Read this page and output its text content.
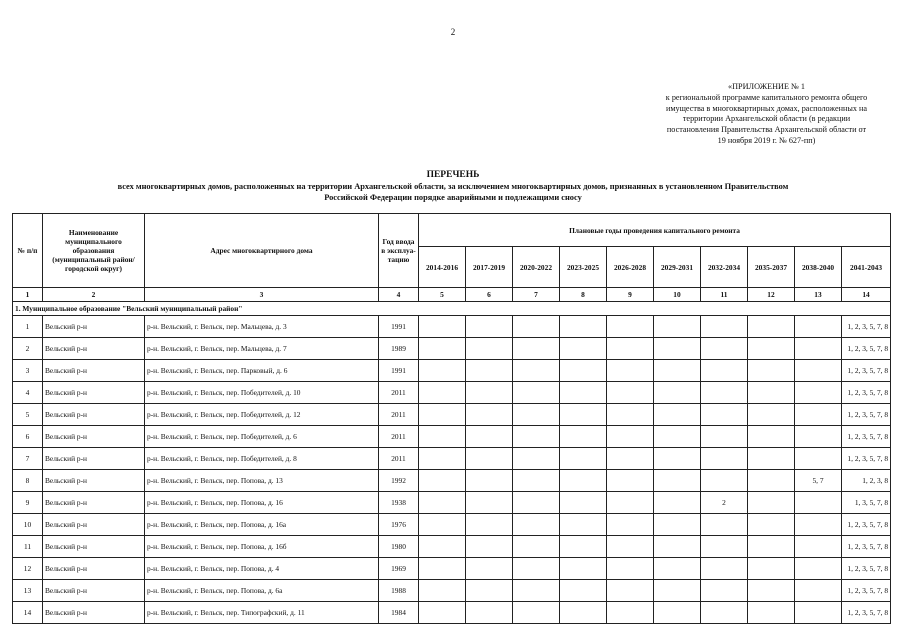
2
«ПРИЛОЖЕНИЕ № 1
к региональной программе капитального ремонта общего
имущества в многоквартирных домах, расположенных на
территории Архангельской области (в редакции
постановления Правительства Архангельской области от
19 ноября 2019 г. № 627-пп)
ПЕРЕЧЕНЬ
всех многоквартирных домов, расположенных на территории Архангельской области, за исключением многоквартирных домов, признанных в установленном Правительством
Российской Федерации порядке аварийными и подлежащими сносу
№ п/п	Наименование муниципального образования (муниципальный район/городской округ)	Адрес многоквартирного дома	Год ввода в эксплуа-тацию	Плановые годы проведения капитального ремонта									
				2014-2016	2017-2019	2020-2022	2023-2025	2026-2028	2029-2031	2032-2034	2035-2037	2038-2040	2041-2043
1	2	3	4	5	6	7	8	9	10	11	12	13	14
1. Муниципальное образование "Вельский муниципальный район"													
1	Вельский р-н	р-н. Вельский, г. Вельск, пер. Мальцева, д. 3	1991										1, 2, 3, 5, 7, 8
2	Вельский р-н	р-н. Вельский, г. Вельск, пер. Мальцева, д. 7	1989										1, 2, 3, 5, 7, 8
3	Вельский р-н	р-н. Вельский, г. Вельск, пер. Парковый, д. 6	1991										1, 2, 3, 5, 7, 8
4	Вельский р-н	р-н. Вельский, г. Вельск, пер. Победителей, д. 10	2011										1, 2, 3, 5, 7, 8
5	Вельский р-н	р-н. Вельский, г. Вельск, пер. Победителей, д. 12	2011										1, 2, 3, 5, 7, 8
6	Вельский р-н	р-н. Вельский, г. Вельск, пер. Победителей, д. 6	2011										1, 2, 3, 5, 7, 8
7	Вельский р-н	р-н. Вельский, г. Вельск, пер. Победителей, д. 8	2011										1, 2, 3, 5, 7, 8
8	Вельский р-н	р-н. Вельский, г. Вельск, пер. Попова, д. 13	1992									5, 7	1, 2, 3, 8
9	Вельский р-н	р-н. Вельский, г. Вельск, пер. Попова, д. 16	1938							2			1, 3, 5, 7, 8
10	Вельский р-н	р-н. Вельский, г. Вельск, пер. Попова, д. 16а	1976										1, 2, 3, 5, 7, 8
11	Вельский р-н	р-н. Вельский, г. Вельск, пер. Попова, д. 16б	1980										1, 2, 3, 5, 7, 8
12	Вельский р-н	р-н. Вельский, г. Вельск, пер. Попова, д. 4	1969										1, 2, 3, 5, 7, 8
13	Вельский р-н	р-н. Вельский, г. Вельск, пер. Попова, д. 6а	1988										1, 2, 3, 5, 7, 8
14	Вельский р-н	р-н. Вельский, г. Вельск, пер. Типографский, д. 11	1984										1, 2, 3, 5, 7, 8
